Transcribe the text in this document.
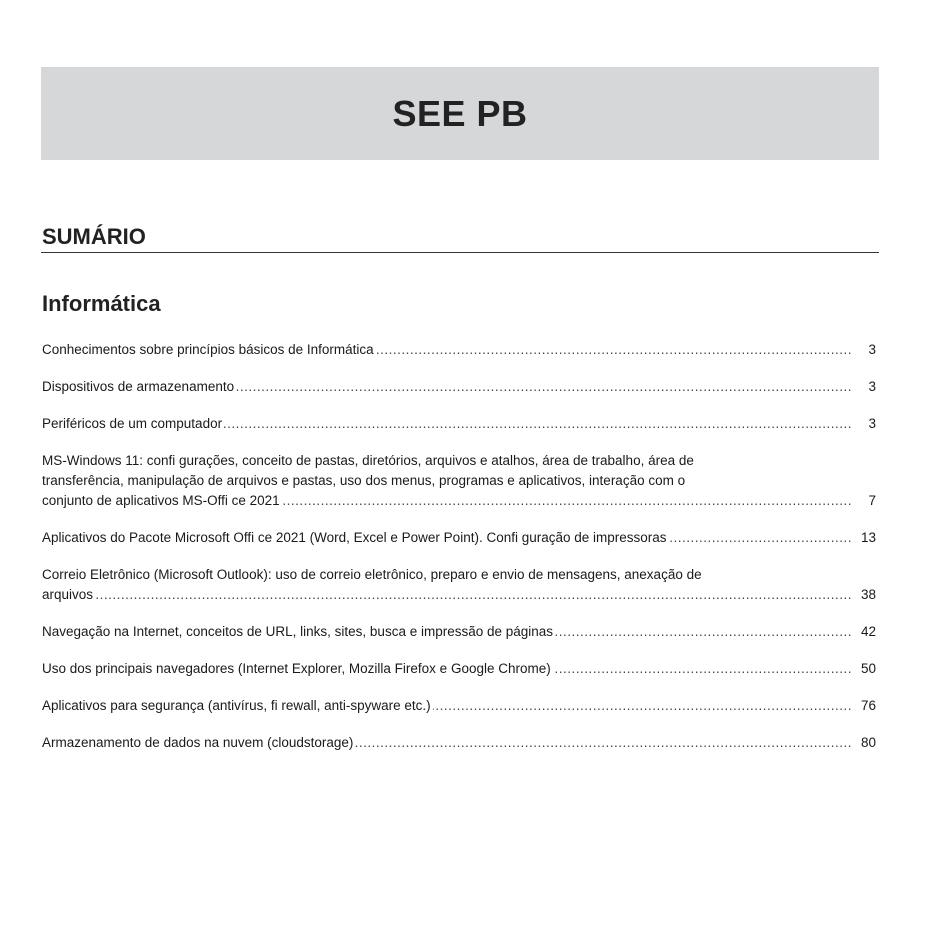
SEE PB
SUMÁRIO
Informática
Conhecimentos sobre princípios básicos de Informática .....	3
Dispositivos de armazenamento .....	3
Periféricos de um computador .....	3
MS-Windows 11: confi gurações, conceito de pastas, diretórios, arquivos e atalhos, área de trabalho, área de
transferência, manipulação de arquivos e pastas, uso dos menus, programas e aplicativos, interação com o
conjunto de aplicativos MS-Offi ce 2021 .....	7
Aplicativos do Pacote Microsoft Offi ce 2021 (Word, Excel e Power Point). Confi guração de impressoras .....	13
Correio Eletrônico (Microsoft Outlook): uso de correio eletrônico, preparo e envio de mensagens, anexação de
arquivos .....	38
Navegação na Internet, conceitos de URL, links, sites, busca e impressão de páginas .....	42
Uso dos principais navegadores (Internet Explorer, Mozilla Firefox e Google Chrome) .....	50
Aplicativos para segurança (antivírus, fi rewall, anti-spyware etc.) .....	76
Armazenamento de dados na nuvem (cloudstorage) .....	80
